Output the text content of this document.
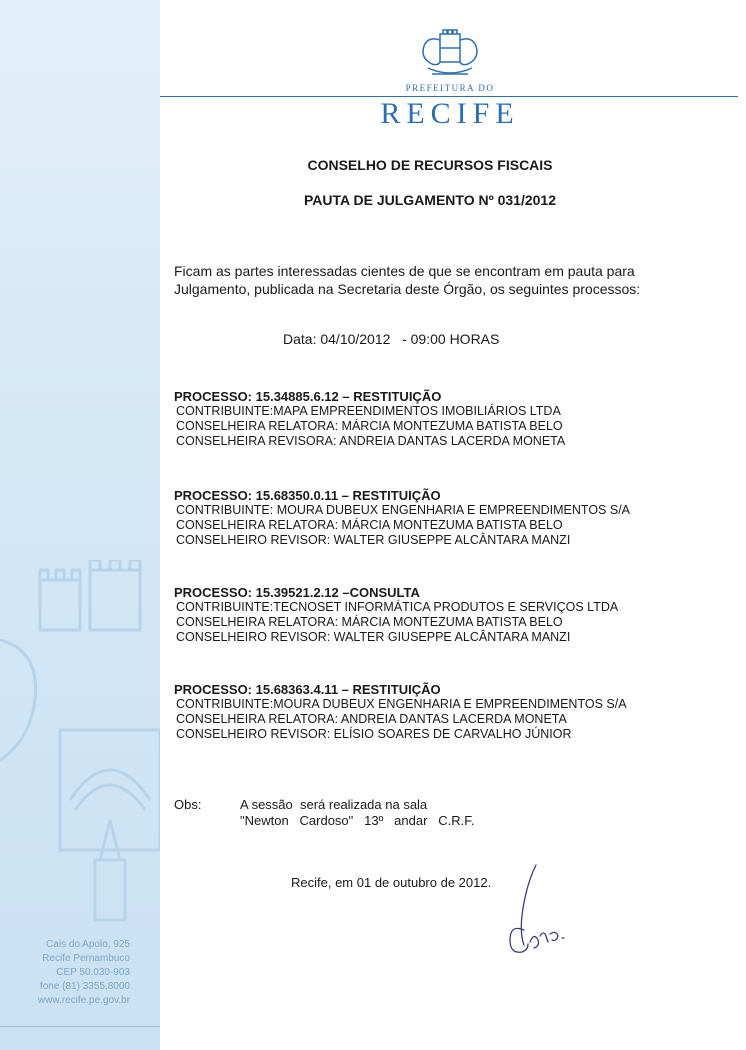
Cais do Apolo, 925
Recife Pernambuco
CEP 50.030-903
fone (81) 3355.8000
www.recife.pe.gov.br
PREFEITURA DO
RECIFE
CONSELHO DE RECURSOS FISCAIS
PAUTA DE JULGAMENTO Nº 031/2012
Ficam as partes interessadas cientes de que se encontram em pauta para Julgamento, publicada na Secretaria deste Órgão, os seguintes processos:
Data: 04/10/2012   - 09:00 HORAS
PROCESSO: 15.34885.6.12 – RESTITUIÇÃO
CONTRIBUINTE:MAPA EMPREENDIMENTOS IMOBILIÁRIOS LTDA
CONSELHEIRA RELATORA: MÁRCIA MONTEZUMA BATISTA BELO
CONSELHEIRA REVISORA: ANDREIA DANTAS LACERDA MONETA
PROCESSO: 15.68350.0.11 – RESTITUIÇÃO
CONTRIBUINTE: MOURA DUBEUX ENGENHARIA E EMPREENDIMENTOS S/A
CONSELHEIRA RELATORA: MÁRCIA MONTEZUMA BATISTA BELO
CONSELHEIRO REVISOR: WALTER GIUSEPPE ALCÂNTARA MANZI
PROCESSO: 15.39521.2.12 –CONSULTA
CONTRIBUINTE:TECNOSET INFORMÁTICA PRODUTOS E SERVIÇOS LTDA
CONSELHEIRA RELATORA: MÁRCIA MONTEZUMA BATISTA BELO
CONSELHEIRO REVISOR: WALTER GIUSEPPE ALCÂNTARA MANZI
PROCESSO: 15.68363.4.11 – RESTITUIÇÃO
CONTRIBUINTE:MOURA DUBEUX ENGENHARIA E EMPREENDIMENTOS S/A
CONSELHEIRA RELATORA: ANDREIA DANTAS LACERDA MONETA
CONSELHEIRO REVISOR: ELÍSIO SOARES DE CARVALHO JÚNIOR
Obs:	A sessão  será realizada na sala
"Newton   Cardoso"   13º   andar   C.R.F.
Recife, em 01 de outubro de 2012.
